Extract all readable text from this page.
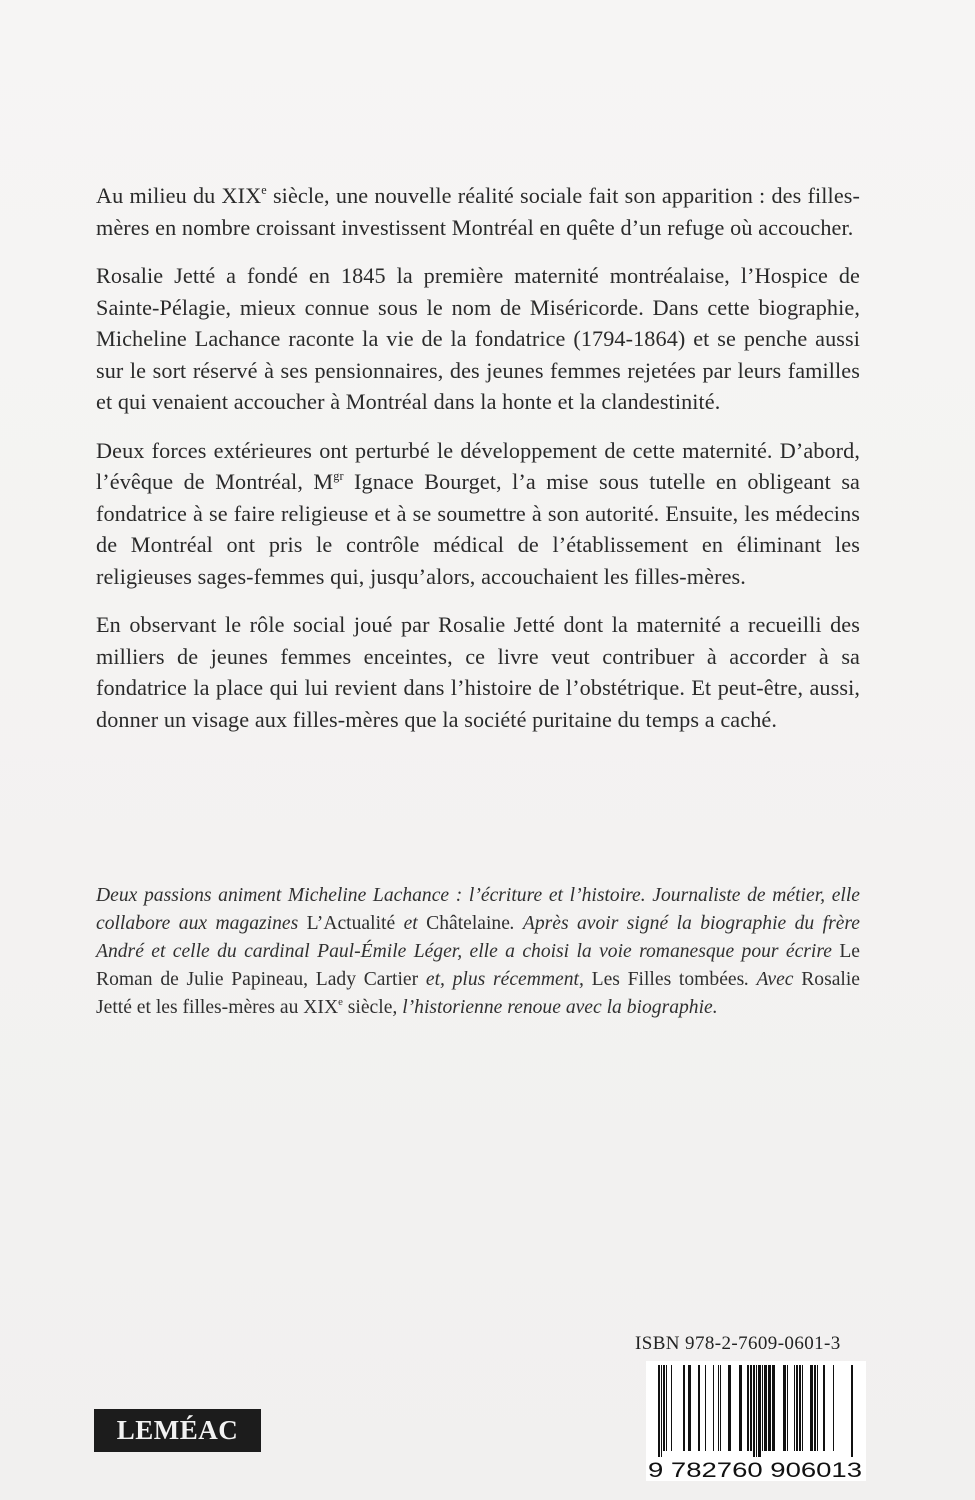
Au milieu du XIXe siècle, une nouvelle réalité sociale fait son apparition : des filles-mères en nombre croissant investissent Montréal en quête d’un refuge où accoucher.

Rosalie Jetté a fondé en 1845 la première maternité montréalaise, l’Hospice de Sainte-Pélagie, mieux connue sous le nom de Miséricorde. Dans cette biographie, Micheline Lachance raconte la vie de la fondatrice (1794-1864) et se penche aussi sur le sort réservé à ses pensionnaires, des jeunes femmes rejetées par leurs familles et qui venaient accoucher à Montréal dans la honte et la clandestinité.

Deux forces extérieures ont perturbé le développement de cette maternité. D’abord, l’évêque de Montréal, $M^{gr}$ Ignace Bourget, l’a mise sous tutelle en obligeant sa fondatrice à se faire religieuse et à se soumettre à son autorité. Ensuite, les médecins de Montréal ont pris le contrôle médical de l’établissement en éliminant les religieuses sages-femmes qui, jusqu’alors, accouchaient les filles-mères.

En observant le rôle social joué par Rosalie Jetté dont la maternité a recueilli des milliers de jeunes femmes enceintes, ce livre veut contribuer à accorder à sa fondatrice la place qui lui revient dans l’histoire de l’obstétrique. Et peut-être, aussi, donner un visage aux filles-mères que la société puritaine du temps a caché.

Deux passions animent Micheline Lachance : l’écriture et l’histoire. Journaliste de métier, elle collabore aux magazines L’Actualité et Châtelaine. Après avoir signé la biographie du frère André et celle du cardinal Paul-Émile Léger, elle a choisi la voie romanesque pour écrire Le Roman de Julie Papineau, Lady Cartier et, plus récemment, Les Filles tombées. Avec Rosalie Jetté et les filles-mères au XIXe siècle, l’historienne renoue avec la biographie.
ISBN 978-2-7609-0601-3
9 782760 906013
LEMÉAC
